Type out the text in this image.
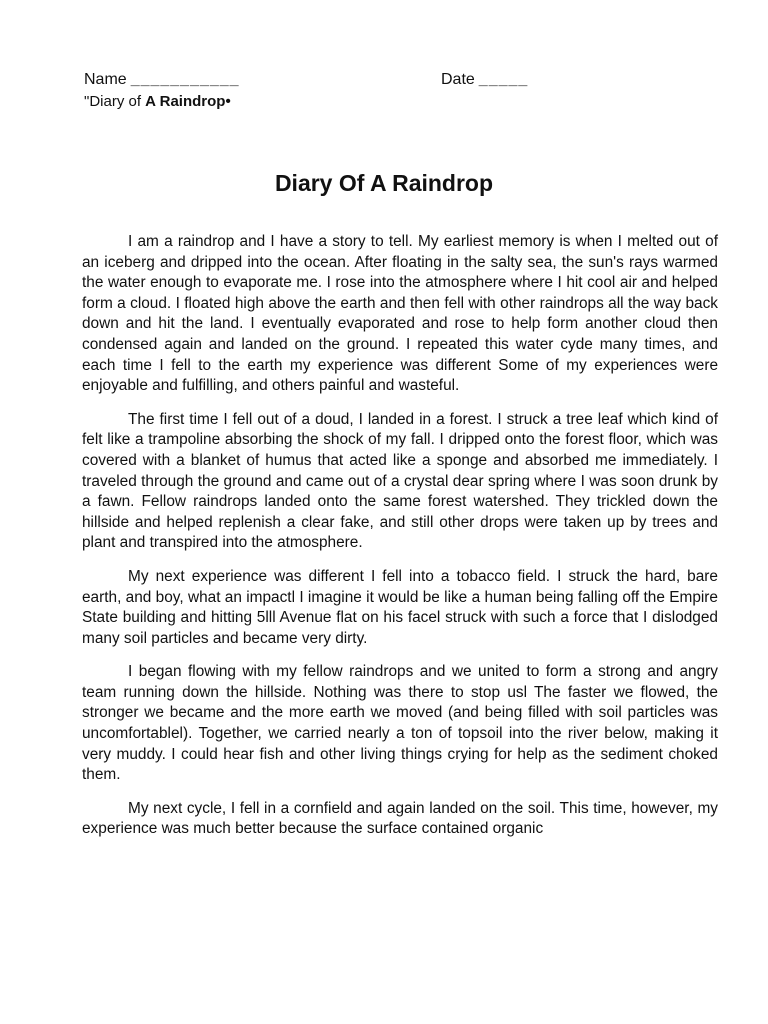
Name ___________	Date _____
"Diary of A Raindrop•
Diary Of A Raindrop

I am a raindrop and I have a story to tell. My earliest memory is when I melted out of an iceberg and dripped into the ocean. After floating in the salty sea, the sun's rays warmed the water enough to evaporate me. I rose into the atmosphere where I hit cool air and helped form a cloud. I floated high above the earth and then fell with other raindrops all the way back down and hit the land. I eventually evaporated and rose to help form another cloud then condensed again and landed on the ground. I repeated this water cyde many times, and each time I fell to the earth my experience was different Some of my experiences were enjoyable and fulfilling, and others painful and wasteful.

The first time I fell out of a doud, I landed in a forest. I struck a tree leaf which kind of felt like a trampoline absorbing the shock of my fall. I dripped onto the forest floor, which was covered with a blanket of humus that acted like a sponge and absorbed me immediately. I traveled through the ground and came out of a crystal dear spring where I was soon drunk by a fawn. Fellow raindrops landed onto the same forest watershed. They trickled down the hillside and helped replenish a clear fake, and still other drops were taken up by trees and plant and transpired into the atmosphere.

My next experience was different I fell into a tobacco field. I struck the hard, bare earth, and boy, what an impactl I imagine it would be like a human being falling off the Empire State building and hitting 5lll Avenue flat on his facel struck with such a force that I dislodged many soil particles and became very dirty.

I began flowing with my fellow raindrops and we united to form a strong and angry team running down the hillside. Nothing was there to stop usl The faster we flowed, the stronger we became and the more earth we moved (and being filled with soil particles was uncomfortablel). Together, we carried nearly a ton of topsoil into the river below, making it very muddy. I could hear fish and other living things crying for help as the sediment choked them.

My next cycle, I fell in a cornfield and again landed on the soil. This time, however, my experience was much better because the surface contained organic
